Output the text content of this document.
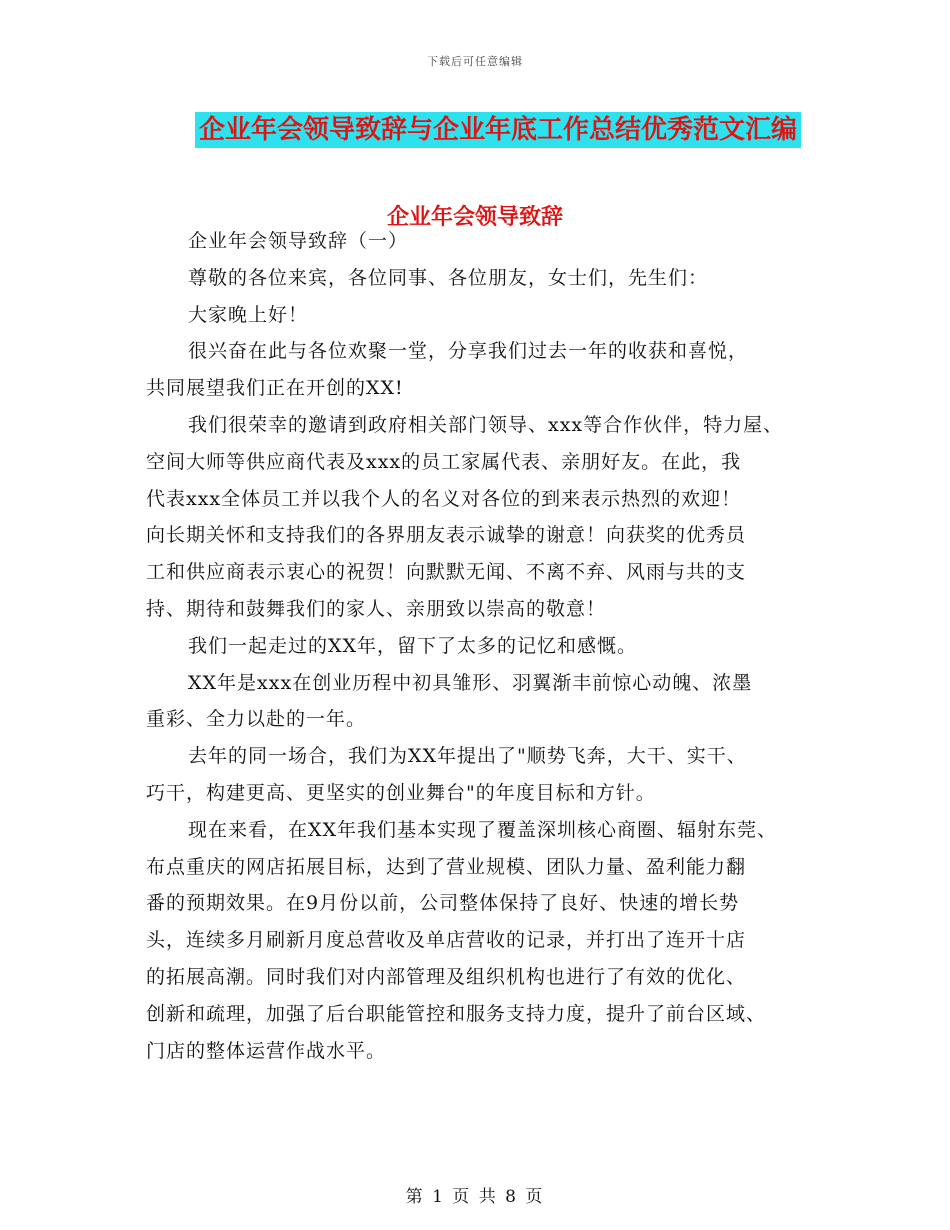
下载后可任意编辑
企业年会领导致辞与企业年底工作总结优秀范文汇编
企业年会领导致辞
企业年会领导致辞（一）
尊敬的各位来宾，各位同事、各位朋友，女士们，先生们：
大家晚上好！
很兴奋在此与各位欢聚一堂，分享我们过去一年的收获和喜悦，
共同展望我们正在开创的XX!
我们很荣幸的邀请到政府相关部门领导、xxx等合作伙伴，特力屋、
空间大师等供应商代表及xxx的员工家属代表、亲朋好友。在此，我
代表xxx全体员工并以我个人的名义对各位的到来表示热烈的欢迎！
向长期关怀和支持我们的各界朋友表示诚挚的谢意！向获奖的优秀员
工和供应商表示衷心的祝贺！向默默无闻、不离不弃、风雨与共的支
持、期待和鼓舞我们的家人、亲朋致以崇高的敬意！
我们一起走过的XX年，留下了太多的记忆和感慨。
XX年是xxx在创业历程中初具雏形、羽翼渐丰前惊心动魄、浓墨
重彩、全力以赴的一年。
去年的同一场合，我们为XX年提出了"顺势飞奔，大干、实干、
巧干，构建更高、更坚实的创业舞台"的年度目标和方针。
现在来看，在XX年我们基本实现了覆盖深圳核心商圈、辐射东莞、
布点重庆的网店拓展目标，达到了营业规模、团队力量、盈利能力翻
番的预期效果。在9月份以前，公司整体保持了良好、快速的增长势
头，连续多月刷新月度总营收及单店营收的记录，并打出了连开十店
的拓展高潮。同时我们对内部管理及组织机构也进行了有效的优化、
创新和疏理，加强了后台职能管控和服务支持力度，提升了前台区域、
门店的整体运营作战水平。
第 1 页 共 8 页
